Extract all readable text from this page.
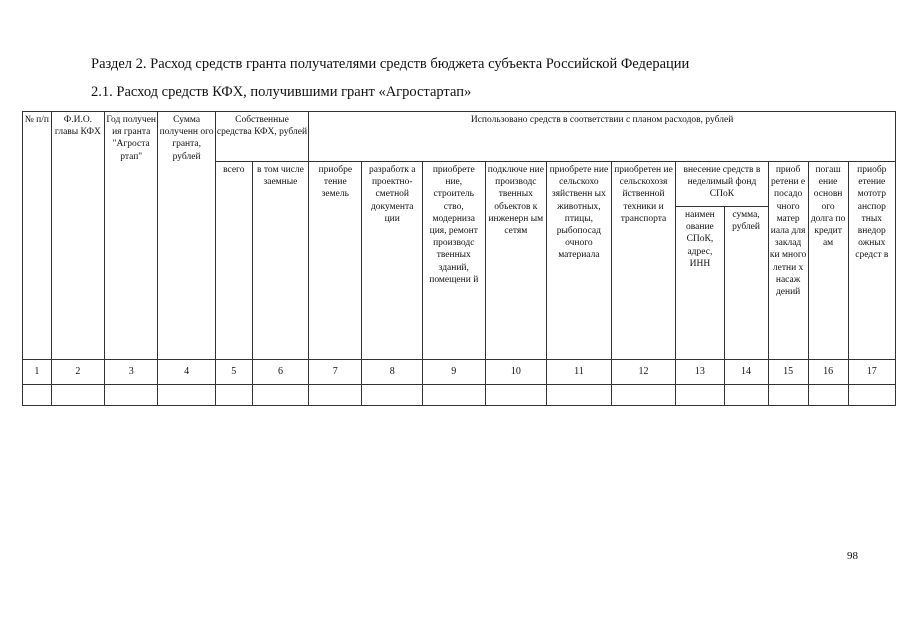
Раздел 2. Расход средств гранта получателями средств бюджета субъекта Российской Федерации
2.1. Расход средств КФХ, получившими грант «Агростартап»
№ п/п	Ф.И.О. главы КФХ	Год получен ия гранта "Агроста ртап"	Сумма полученн ого гранта, рублей	Собственные средства КФХ, рублей		Использовано средств в соответствии с планом расходов, рублей										
				всего	в том числе заемные	приобре тение земель	разработк а проектно-сметной документа ции	приобрете ние, строитель ство, модерниза ция, ремонт производс твенных зданий, помещени й	подключе ние производс твенных объектов к инженерн ым сетям	приобрете ние сельскохо зяйственн ых животных, птицы, рыбопосад очного материала	приобретен ие сельскохозя йственной техники и транспорта	внесение средств в неделимый фонд СПоК		приоб ретени е посадо чного матер иала для заклад ки много летни х насаж дений	погаш ение основн ого долга по кредит ам	приобр етение мототр анспор тных внедор ожных средст в
												наимен ование СПоК, адрес, ИНН	сумма, рублей			
1	2	3	4	5	6	7	8	9	10	11	12	13	14	15	16	17

98
